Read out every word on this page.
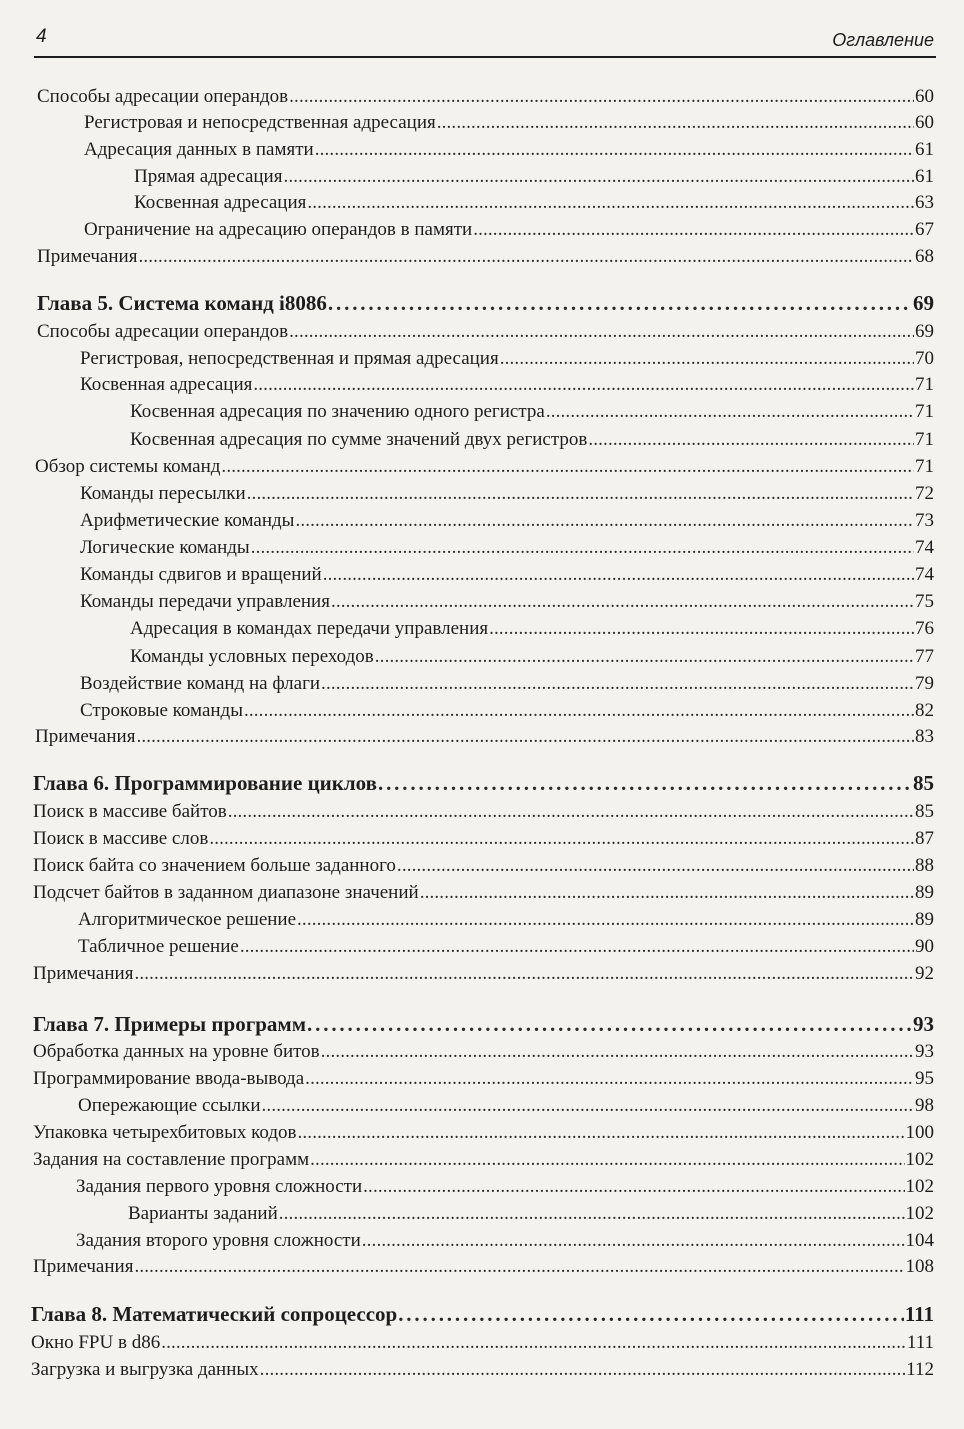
4	Оглавление
Способы адресации операндов . . .	60
Регистровая и непосредственная адресация . . .	60
Адресация данных в памяти . . .	61
Прямая адресация . . .	61
Косвенная адресация . . .	63
Ограничение на адресацию операндов в памяти . . .	67
Примечания . . .	68
Глава 5. Система команд i8086 . . .	69
Способы адресации операндов . . .	69
Регистровая, непосредственная и прямая адресация . . .	70
Косвенная адресация . . .	71
Косвенная адресация по значению одного регистра . . .	71
Косвенная адресация по сумме значений двух регистров . . .	71
Обзор системы команд . . .	71
Команды пересылки . . .	72
Арифметические команды . . .	73
Логические команды . . .	74
Команды сдвигов и вращений . . .	74
Команды передачи управления . . .	75
Адресация в командах передачи управления . . .	76
Команды условных переходов . . .	77
Воздействие команд на флаги . . .	79
Строковые команды . . .	82
Примечания . . .	83
Глава 6. Программирование циклов . . .	85
Поиск в массиве байтов . . .	85
Поиск в массиве слов . . .	87
Поиск байта со значением больше заданного . . .	88
Подсчет байтов в заданном диапазоне значений . . .	89
Алгоритмическое решение . . .	89
Табличное решение . . .	90
Примечания . . .	92
Глава 7. Примеры программ . . .	93
Обработка данных на уровне битов . . .	93
Программирование ввода-вывода . . .	95
Опережающие ссылки . . .	98
Упаковка четырехбитовых кодов . . .	100
Задания на составление программ . . .	102
Задания первого уровня сложности . . .	102
Варианты заданий . . .	102
Задания второго уровня сложности . . .	104
Примечания . . .	108
Глава 8. Математический сопроцессор . . .	111
Окно FPU в d86 . . .	111
Загрузка и выгрузка данных . . .	112
